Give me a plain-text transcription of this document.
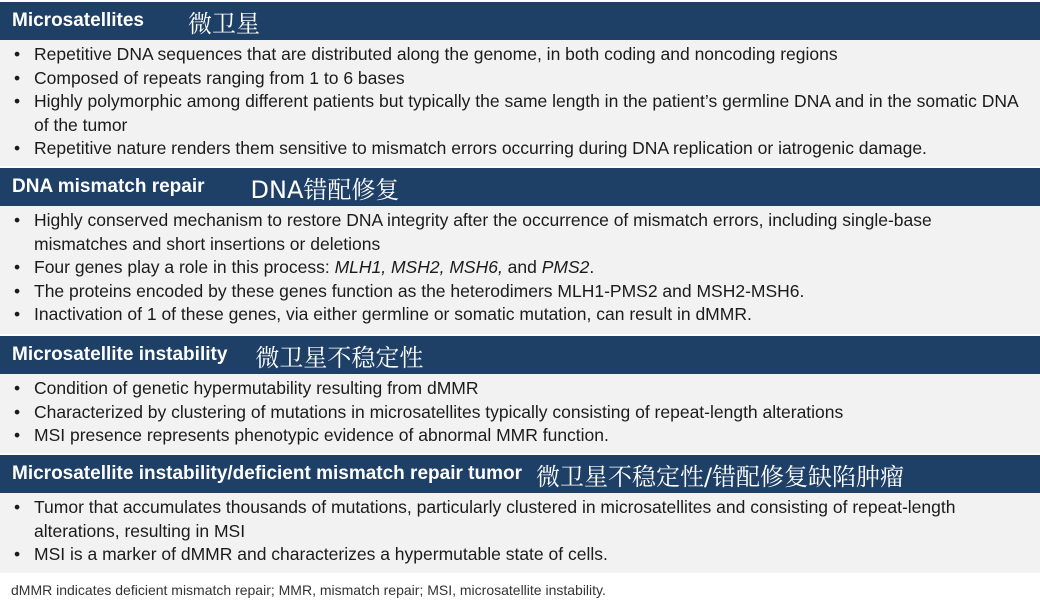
Microsatellites 微卫星
• Repetitive DNA sequences that are distributed along the genome, in both coding and noncoding regions
• Composed of repeats ranging from 1 to 6 bases
• Highly polymorphic among different patients but typically the same length in the patient’s germline DNA and in the somatic DNA of the tumor
• Repetitive nature renders them sensitive to mismatch errors occurring during DNA replication or iatrogenic damage.
DNA mismatch repair DNA错配修复
• Highly conserved mechanism to restore DNA integrity after the occurrence of mismatch errors, including single-base mismatches and short insertions or deletions
• Four genes play a role in this process: MLH1, MSH2, MSH6, and PMS2.
• The proteins encoded by these genes function as the heterodimers MLH1-PMS2 and MSH2-MSH6.
• Inactivation of 1 of these genes, via either germline or somatic mutation, can result in dMMR.
Microsatellite instability 微卫星不稳定性
• Condition of genetic hypermutability resulting from dMMR
• Characterized by clustering of mutations in microsatellites typically consisting of repeat-length alterations
• MSI presence represents phenotypic evidence of abnormal MMR function.
Microsatellite instability/deficient mismatch repair tumor 微卫星不稳定性/错配修复缺陷肿瘤
• Tumor that accumulates thousands of mutations, particularly clustered in microsatellites and consisting of repeat-length alterations, resulting in MSI
• MSI is a marker of dMMR and characterizes a hypermutable state of cells.
dMMR indicates deficient mismatch repair; MMR, mismatch repair; MSI, microsatellite instability.
